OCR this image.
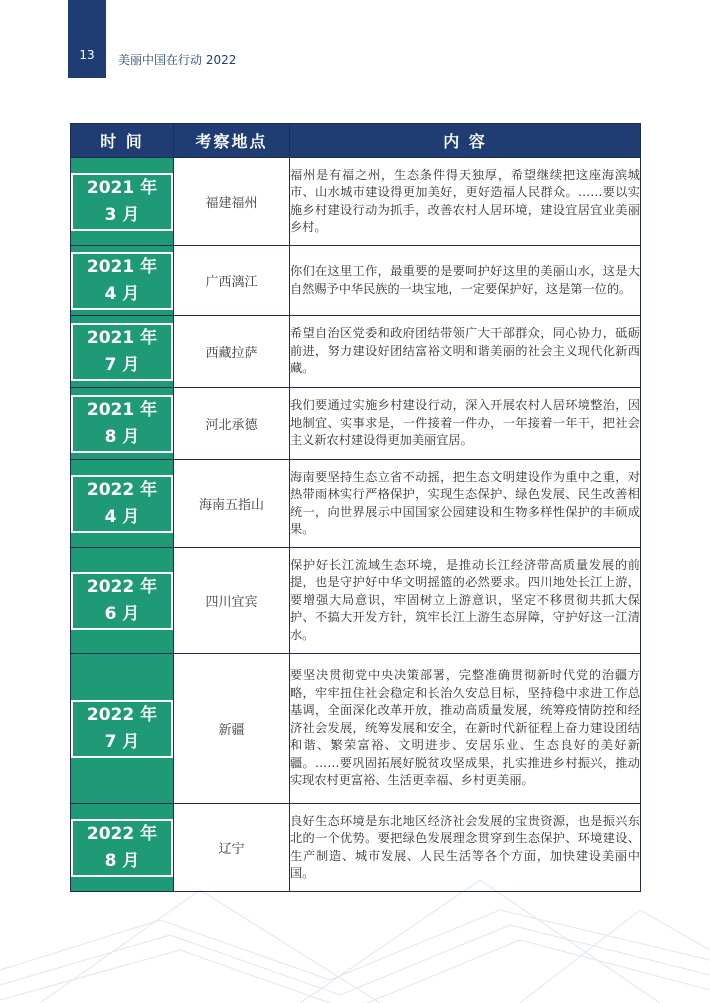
13	美丽中国在行动 2022
时 间	考察地点	内 容

2021 年
3 月	福建福州	福州是有福之州，生态条件得天独厚，希望继续把这座海滨城市、山水城市建设得更加美好，更好造福人民群众。……要以实施乡村建设行动为抓手，改善农村人居环境，建设宜居宜业美丽乡村。

2021 年
4 月	广西漓江	你们在这里工作，最重要的是要呵护好这里的美丽山水，这是大自然赐予中华民族的一块宝地，一定要保护好，这是第一位的。

2021 年
7 月	西藏拉萨	希望自治区党委和政府团结带领广大干部群众，同心协力，砥砺前进，努力建设好团结富裕文明和谐美丽的社会主义现代化新西藏。

2021 年
8 月	河北承德	我们要通过实施乡村建设行动，深入开展农村人居环境整治，因地制宜、实事求是，一件接着一件办，一年接着一年干，把社会主义新农村建设得更加美丽宜居。

2022 年
4 月	海南五指山	海南要坚持生态立省不动摇，把生态文明建设作为重中之重，对热带雨林实行严格保护，实现生态保护、绿色发展、民生改善相统一，向世界展示中国国家公园建设和生物多样性保护的丰硕成果。

2022 年
6 月	四川宜宾	保护好长江流域生态环境，是推动长江经济带高质量发展的前提，也是守护好中华文明摇篮的必然要求。四川地处长江上游，要增强大局意识，牢固树立上游意识，坚定不移贯彻共抓大保护、不搞大开发方针，筑牢长江上游生态屏障，守护好这一江清水。

2022 年
7 月	新疆	要坚决贯彻党中央决策部署，完整准确贯彻新时代党的治疆方略，牢牢扭住社会稳定和长治久安总目标，坚持稳中求进工作总基调，全面深化改革开放，推动高质量发展，统筹疫情防控和经济社会发展，统筹发展和安全，在新时代新征程上奋力建设团结和谐、繁荣富裕、文明进步、安居乐业、生态良好的美好新疆。……要巩固拓展好脱贫攻坚成果，扎实推进乡村振兴，推动实现农村更富裕、生活更幸福、乡村更美丽。

2022 年
8 月	辽宁	良好生态环境是东北地区经济社会发展的宝贵资源，也是振兴东北的一个优势。要把绿色发展理念贯穿到生态保护、环境建设、生产制造、城市发展、人民生活等各个方面，加快建设美丽中国。
